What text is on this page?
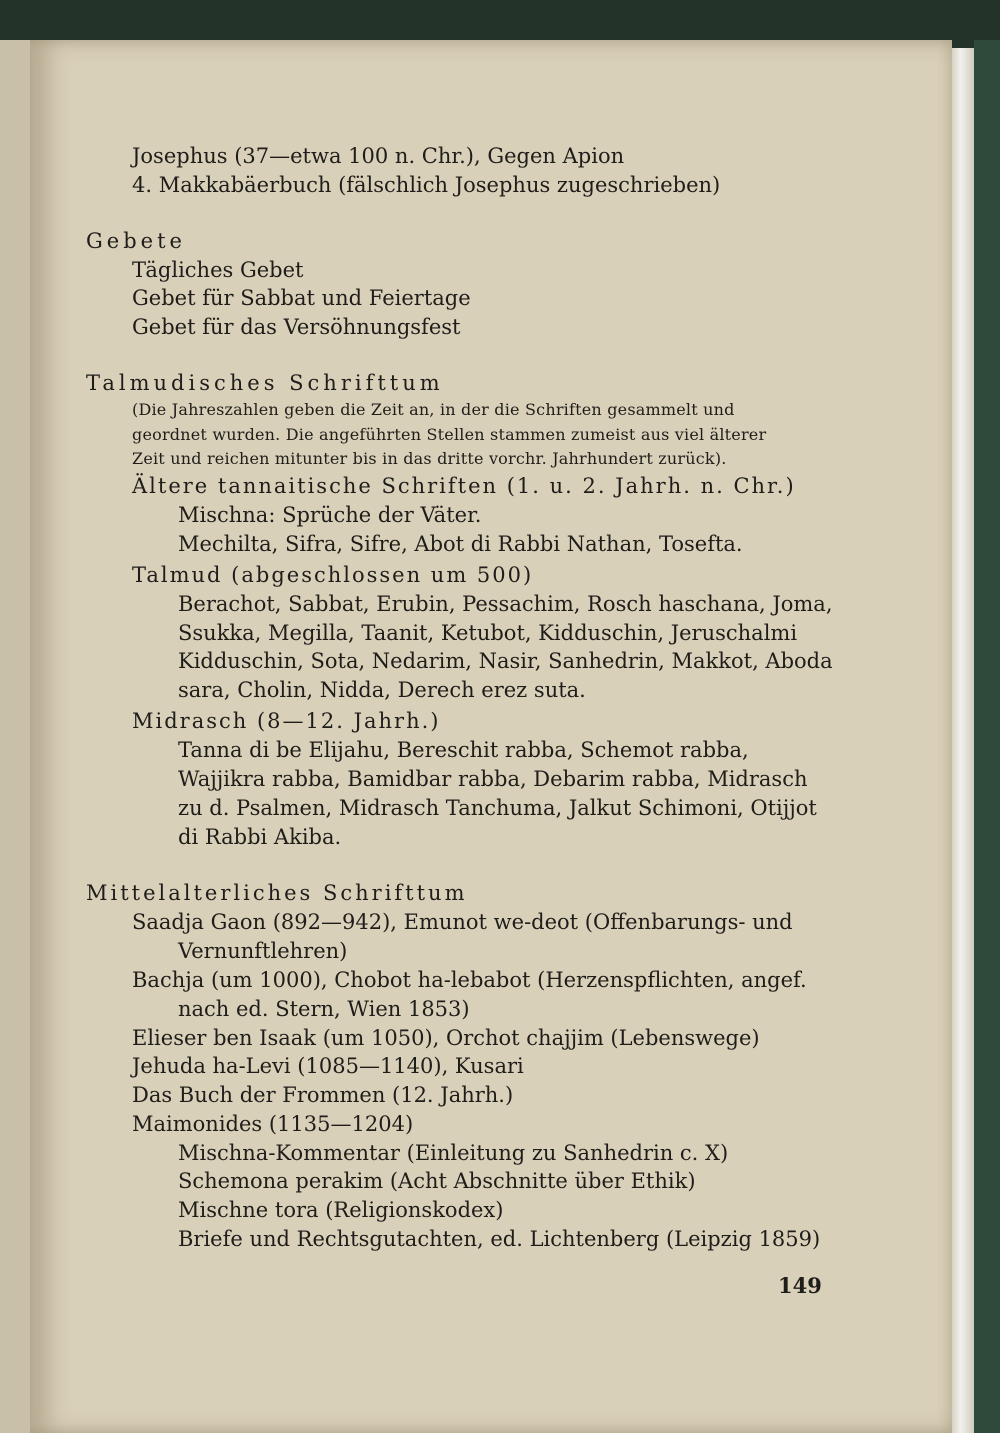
Josephus (37—etwa 100 n. Chr.), Gegen Apion
4. Makkabäerbuch (fälschlich Josephus zugeschrieben)
Gebete
Tägliches Gebet
Gebet für Sabbat und Feiertage
Gebet für das Versöhnungsfest
Talmudisches Schrifttum
(Die Jahreszahlen geben die Zeit an, in der die Schriften gesammelt und
geordnet wurden. Die angeführten Stellen stammen zumeist aus viel älterer
Zeit und reichen mitunter bis in das dritte vorchr. Jahrhundert zurück).
Ältere tannaitische Schriften (1. u. 2. Jahrh. n. Chr.)
Mischna: Sprüche der Väter.
Mechilta, Sifra, Sifre, Abot di Rabbi Nathan, Tosefta.
Talmud (abgeschlossen um 500)
Berachot, Sabbat, Erubin, Pessachim, Rosch haschana, Joma,
Ssukka, Megilla, Taanit, Ketubot, Kidduschin, Jeruschalmi
Kidduschin, Sota, Nedarim, Nasir, Sanhedrin, Makkot, Aboda
sara, Cholin, Nidda, Derech erez suta.
Midrasch (8—12. Jahrh.)
Tanna di be Elijahu, Bereschit rabba, Schemot rabba,
Wajjikra rabba, Bamidbar rabba, Debarim rabba, Midrasch
zu d. Psalmen, Midrasch Tanchuma, Jalkut Schimoni, Otijjot
di Rabbi Akiba.
Mittelalterliches Schrifttum
Saadja Gaon (892—942), Emunot we-deot (Offenbarungs- und
Vernunftlehren)
Bachja (um 1000), Chobot ha-lebabot (Herzenspflichten, angef.
nach ed. Stern, Wien 1853)
Elieser ben Isaak (um 1050), Orchot chajjim (Lebenswege)
Jehuda ha-Levi (1085—1140), Kusari
Das Buch der Frommen (12. Jahrh.)
Maimonides (1135—1204)
Mischna-Kommentar (Einleitung zu Sanhedrin c. X)
Schemona perakim (Acht Abschnitte über Ethik)
Mischne tora (Religionskodex)
Briefe und Rechtsgutachten, ed. Lichtenberg (Leipzig 1859)
149
